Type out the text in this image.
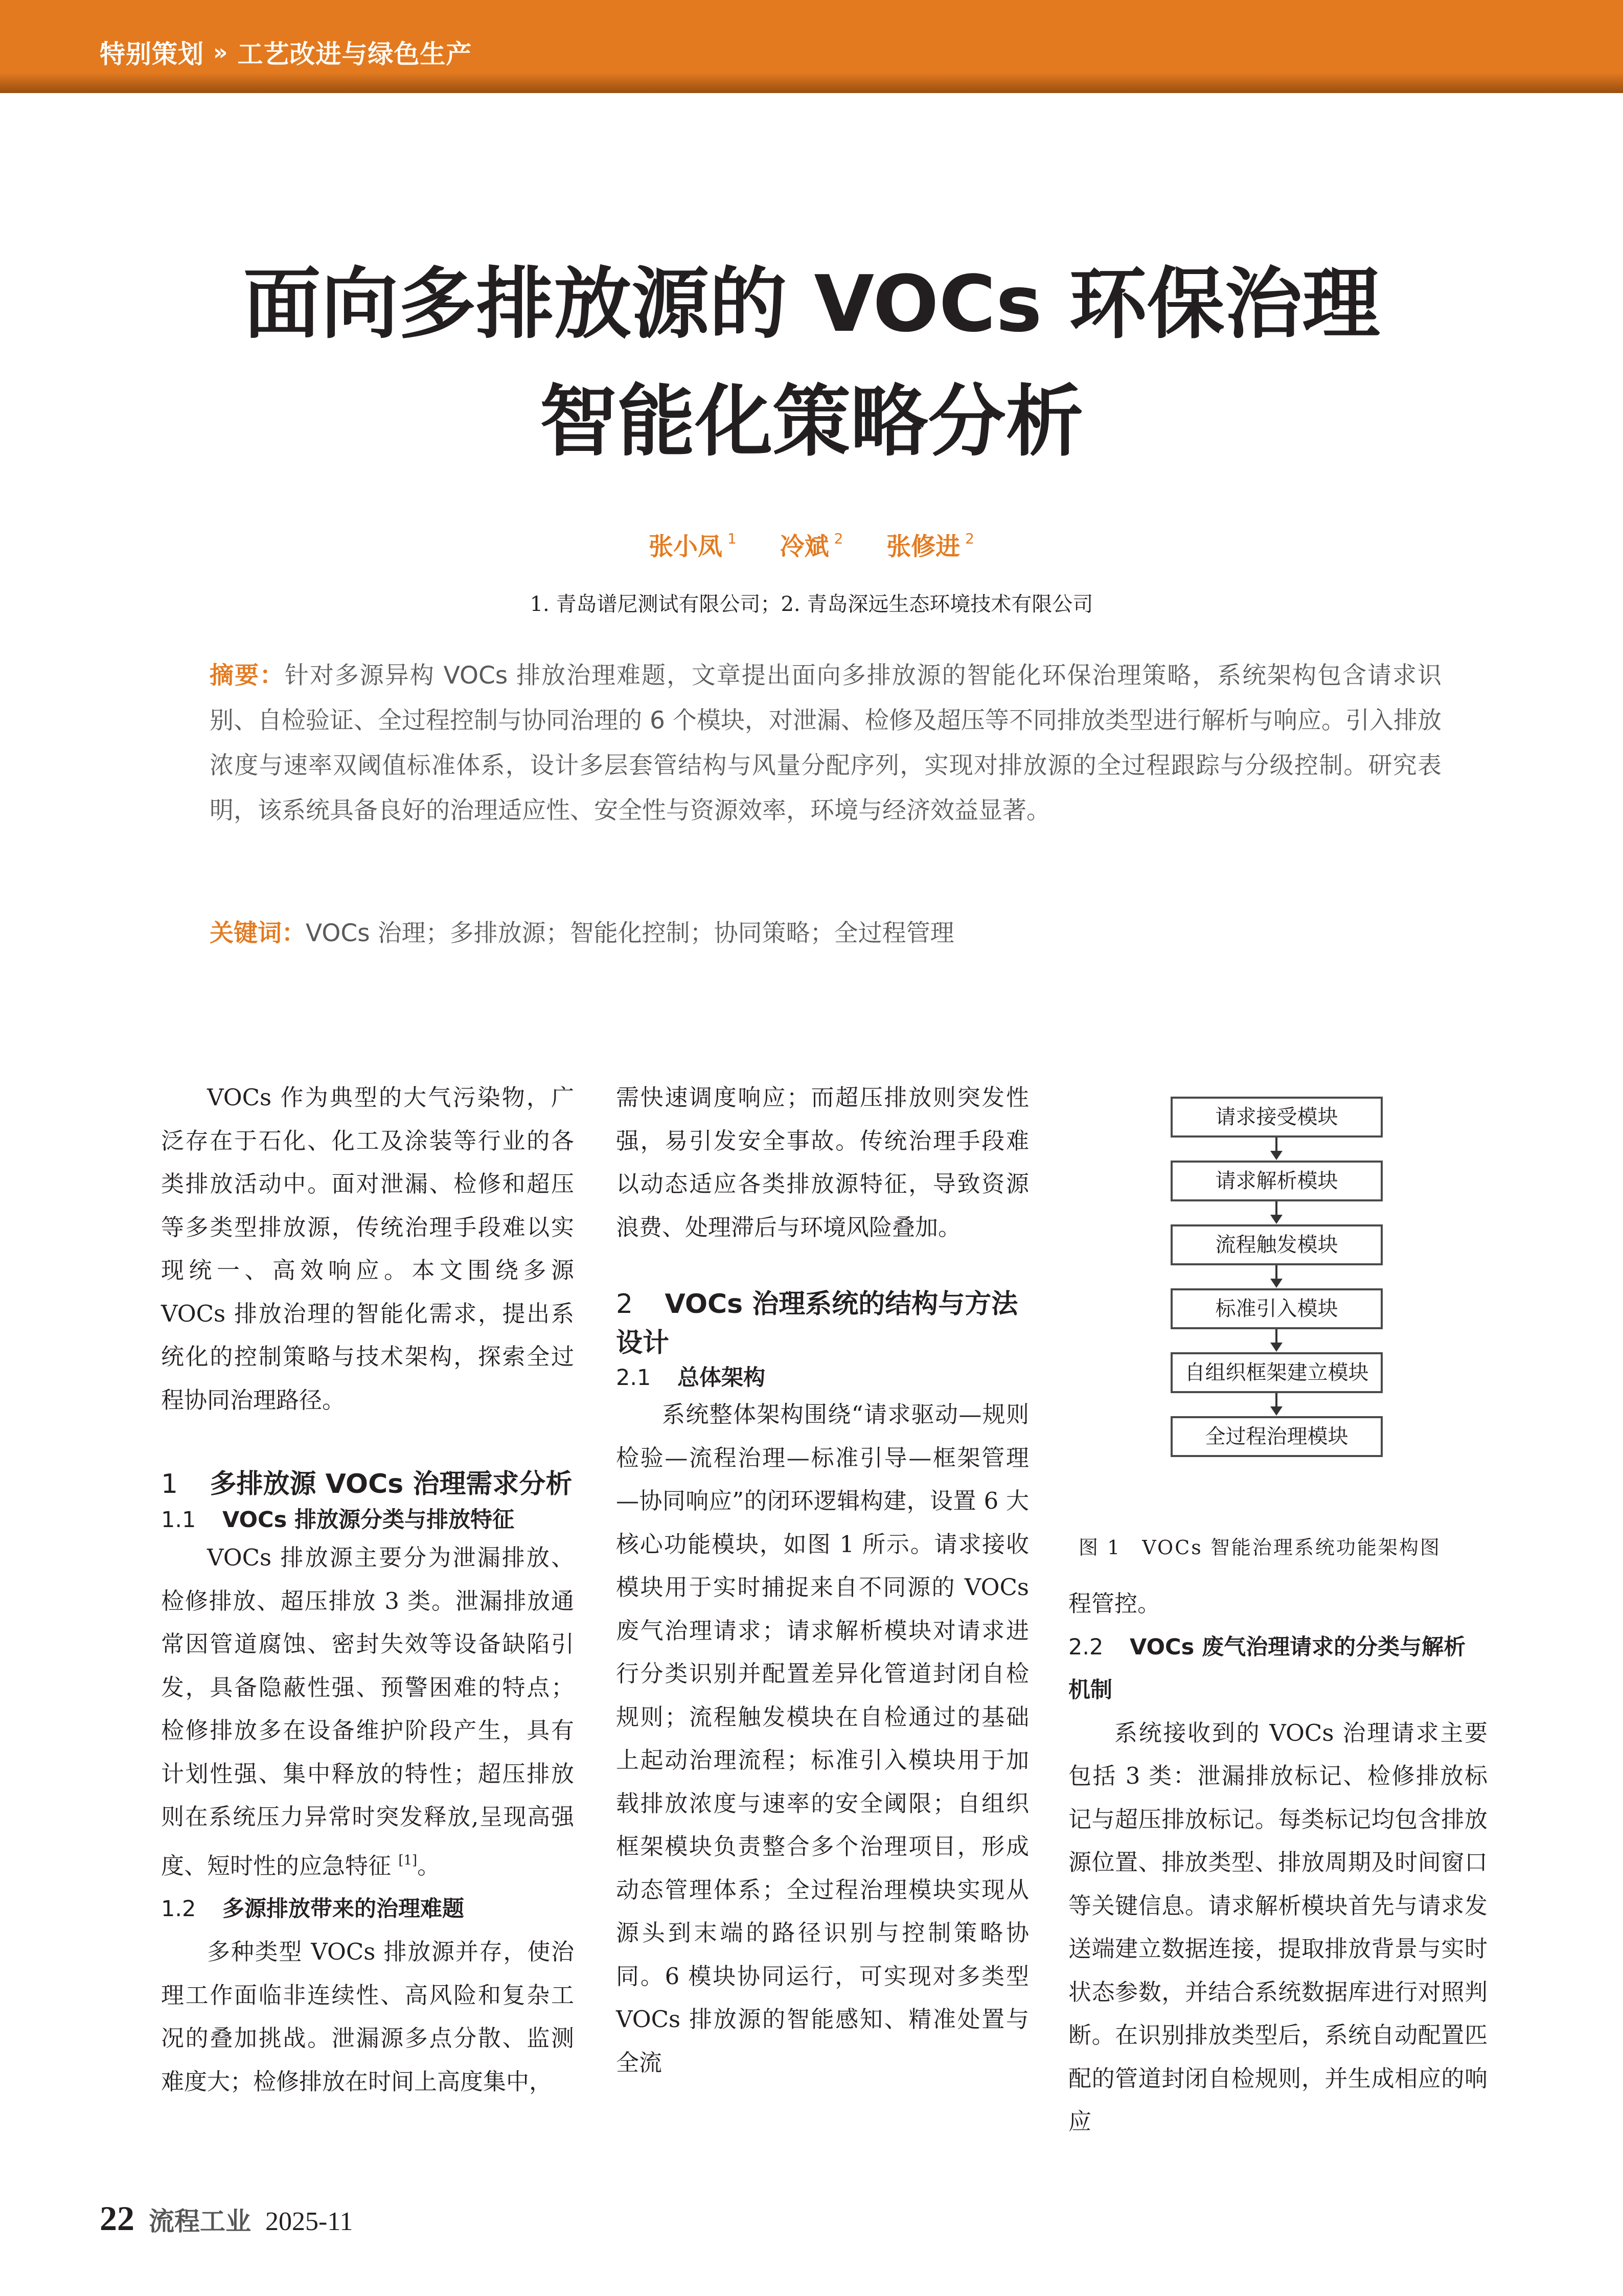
特别策划 » 工艺改进与绿色生产
面向多排放源的 VOCs 环保治理
智能化策略分析
张小凤 $^1$ 冷斌 $^2$ 张修进 $^2$
1. 青岛谱尼测试有限公司；2. 青岛深远生态环境技术有限公司
摘要：针对多源异构 VOCs 排放治理难题，文章提出面向多排放源的智能化环保治理策略，系统架构包含请求识别、自检验证、全过程控制与协同治理的 6 个模块，对泄漏、检修及超压等不同排放类型进行解析与响应。引入排放浓度与速率双阈值标准体系，设计多层套管结构与风量分配序列，实现对排放源的全过程跟踪与分级控制。研究表明，该系统具备良好的治理适应性、安全性与资源效率，环境与经济效益显著。
关键词：VOCs 治理；多排放源；智能化控制；协同策略；全过程管理

VOCs 作为典型的大气污染物，广泛存在于石化、化工及涂装等行业的各类排放活动中。面对泄漏、检修和超压等多类型排放源，传统治理手段难以实现统一、高效响应。本文围绕多源 VOCs 排放治理的智能化需求，提出系统化的控制策略与技术架构，探索全过程协同治理路径。

1 多排放源 VOCs 治理需求分析

1.1 VOCs 排放源分类与排放特征

VOCs 排放源主要分为泄漏排放、检修排放、超压排放 3 类。泄漏排放通常因管道腐蚀、密封失效等设备缺陷引发，具备隐蔽性强、预警困难的特点；检修排放多在设备维护阶段产生，具有计划性强、集中释放的特性；超压排放则在系统压力异常时突发释放,呈现高强度、短时性的应急特征 [1]。

1.2 多源排放带来的治理难题

多种类型 VOCs 排放源并存，使治理工作面临非连续性、高风险和复杂工况的叠加挑战。泄漏源多点分散、监测难度大；检修排放在时间上高度集中，

需快速调度响应；而超压排放则突发性强，易引发安全事故。传统治理手段难以动态适应各类排放源特征，导致资源浪费、处理滞后与环境风险叠加。

2 VOCs 治理系统的结构与方法设计

2.1 总体架构

系统整体架构围绕“请求驱动—规则检验—流程治理—标准引导—框架管理—协同响应”的闭环逻辑构建，设置 6 大核心功能模块，如图 1 所示。请求接收模块用于实时捕捉来自不同源的 VOCs 废气治理请求；请求解析模块对请求进行分类识别并配置差异化管道封闭自检规则；流程触发模块在自检通过的基础上起动治理流程；标准引入模块用于加载排放浓度与速率的安全阈限；自组织框架模块负责整合多个治理项目，形成动态管理体系；全过程治理模块实现从源头到末端的路径识别与控制策略协同。6 模块协同运行，可实现对多类型 VOCs 排放源的智能感知、精准处置与全流

请求接受模块
请求解析模块
流程触发模块
标准引入模块
自组织框架建立模块
全过程治理模块
图 1　VOCs 智能治理系统功能架构图

程管控。

2.2 VOCs 废气治理请求的分类与解析机制

系统接收到的 VOCs 治理请求主要包括 3 类：泄漏排放标记、检修排放标记与超压排放标记。每类标记均包含排放源位置、排放类型、排放周期及时间窗口等关键信息。请求解析模块首先与请求发送端建立数据连接，提取排放背景与实时状态参数，并结合系统数据库进行对照判断。在识别排放类型后，系统自动配置匹配的管道封闭自检规则，并生成相应的响应

22 流程工业 2025-11
